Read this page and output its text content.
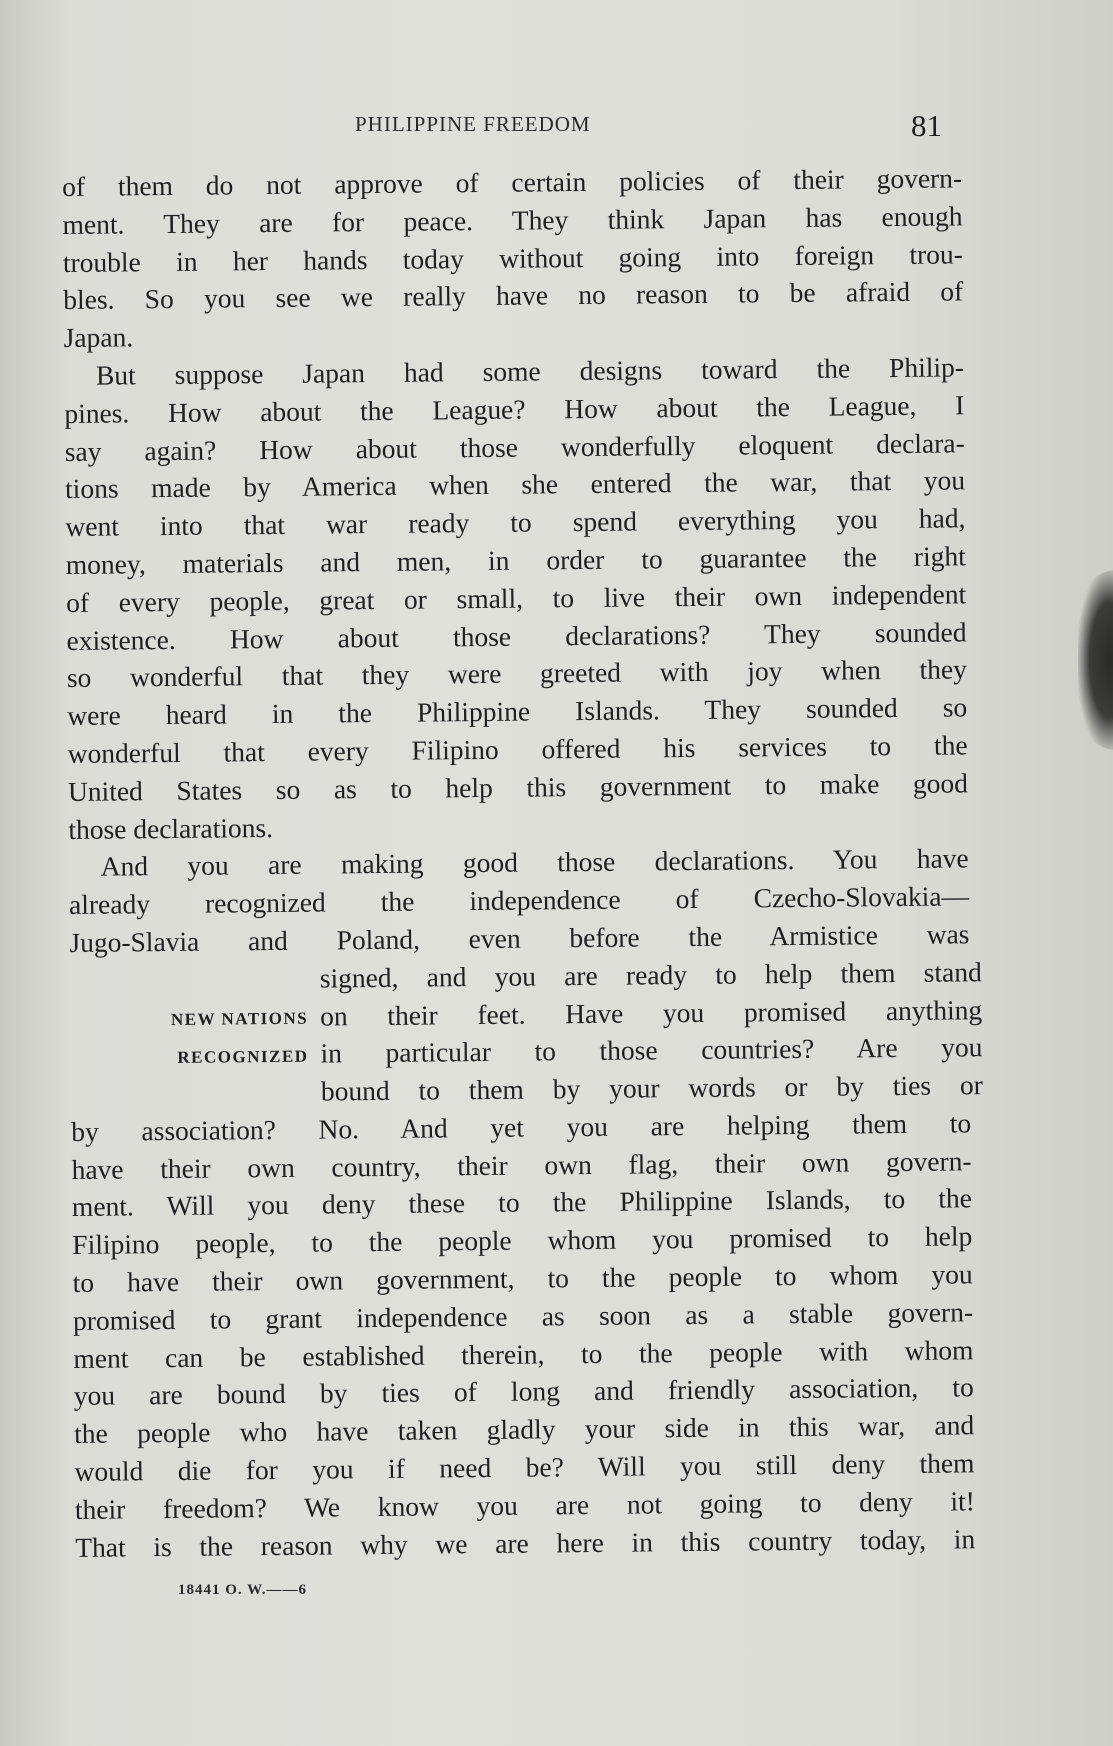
PHILIPPINE FREEDOM	81
of them do not approve of certain policies of their govern-
ment. They are for peace. They think Japan has enough
trouble in her hands today without going into foreign trou-
bles. So you see we really have no reason to be afraid of
Japan.
But suppose Japan had some designs toward the Philip-
pines. How about the League? How about the League, I
say again? How about those wonderfully eloquent declara-
tions made by America when she entered the war, that you
went into that war ready to spend everything you had,
money, materials and men, in order to guarantee the right
of every people, great or small, to live their own independent
existence. How about those declarations? They sounded
so wonderful that they were greeted with joy when they
were heard in the Philippine Islands. They sounded so
wonderful that every Filipino offered his services to the
United States so as to help this government to make good
those declarations.
And you are making good those declarations. You have
already recognized the independence of Czecho-Slovakia—
Jugo-Slavia and Poland, even before the Armistice was
NEW NATIONS
RECOGNIZED
signed, and you are ready to help them stand
on their feet. Have you promised anything
in particular to those countries? Are you
bound to them by your words or by ties or
by association? No. And yet you are helping them to
have their own country, their own flag, their own govern-
ment. Will you deny these to the Philippine Islands, to the
Filipino people, to the people whom you promised to help
to have their own government, to the people to whom you
promised to grant independence as soon as a stable govern-
ment can be established therein, to the people with whom
you are bound by ties of long and friendly association, to
the people who have taken gladly your side in this war, and
would die for you if need be? Will you still deny them
their freedom? We know you are not going to deny it!
That is the reason why we are here in this country today, in
18441 O. W.——6
